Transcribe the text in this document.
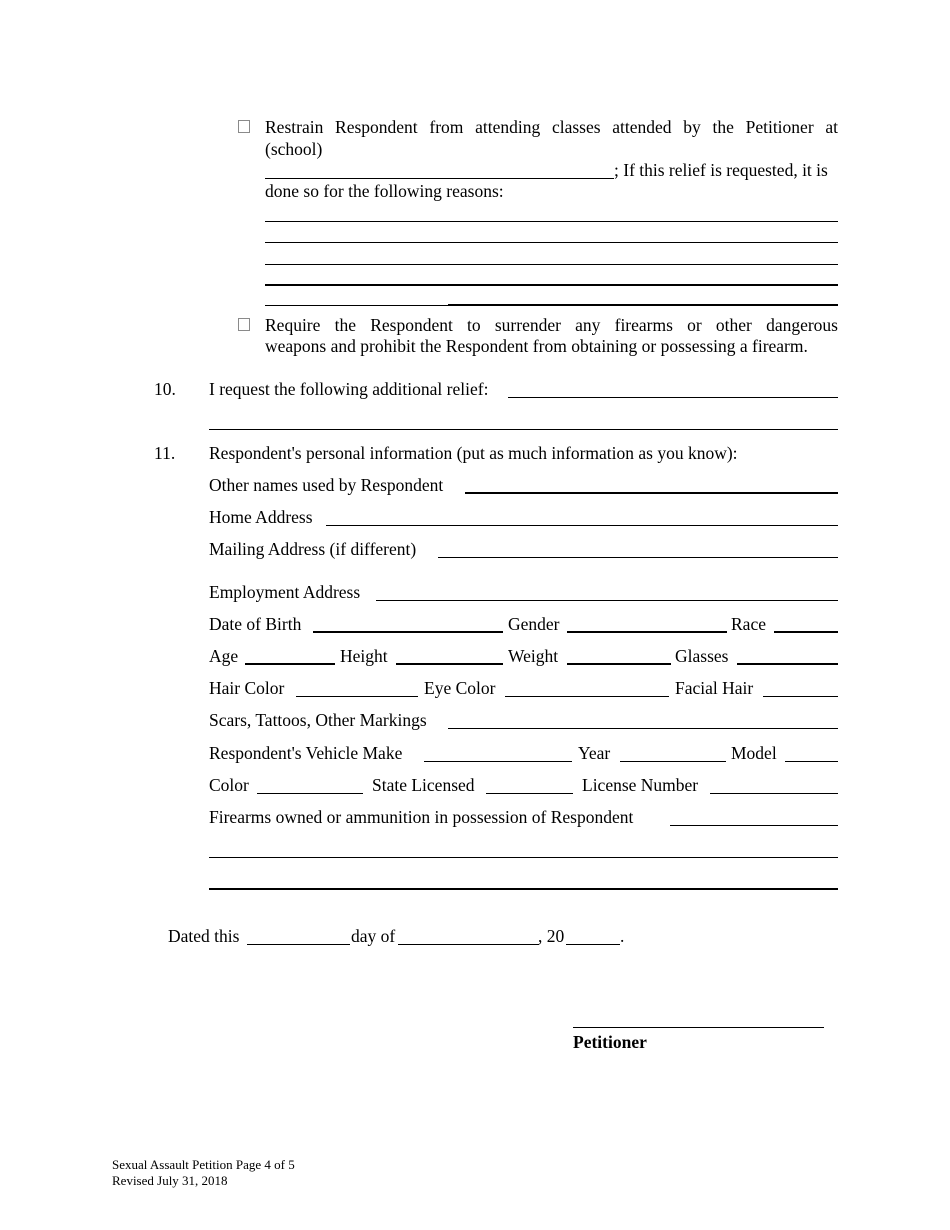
Restrain Respondent from attending classes attended by the Petitioner at
(school)
; If this relief is requested, it is
done so for the following reasons:
Require the Respondent to surrender any firearms or other dangerous
weapons and prohibit the Respondent from obtaining or possessing a firearm.
10. I request the following additional relief:
11. Respondent's personal information (put as much information as you know):
Other names used by Respondent
Home Address
Mailing Address (if different)
Employment Address
Date of Birth	Gender	Race
Age	Height	Weight	Glasses
Hair Color	Eye Color	Facial Hair
Scars, Tattoos, Other Markings
Respondent's Vehicle Make	Year	Model
Color	State Licensed	License Number
Firearms owned or ammunition in possession of Respondent
Dated this	day of	, 20	.
Petitioner
Sexual Assault Petition Page 4 of 5
Revised July 31, 2018
